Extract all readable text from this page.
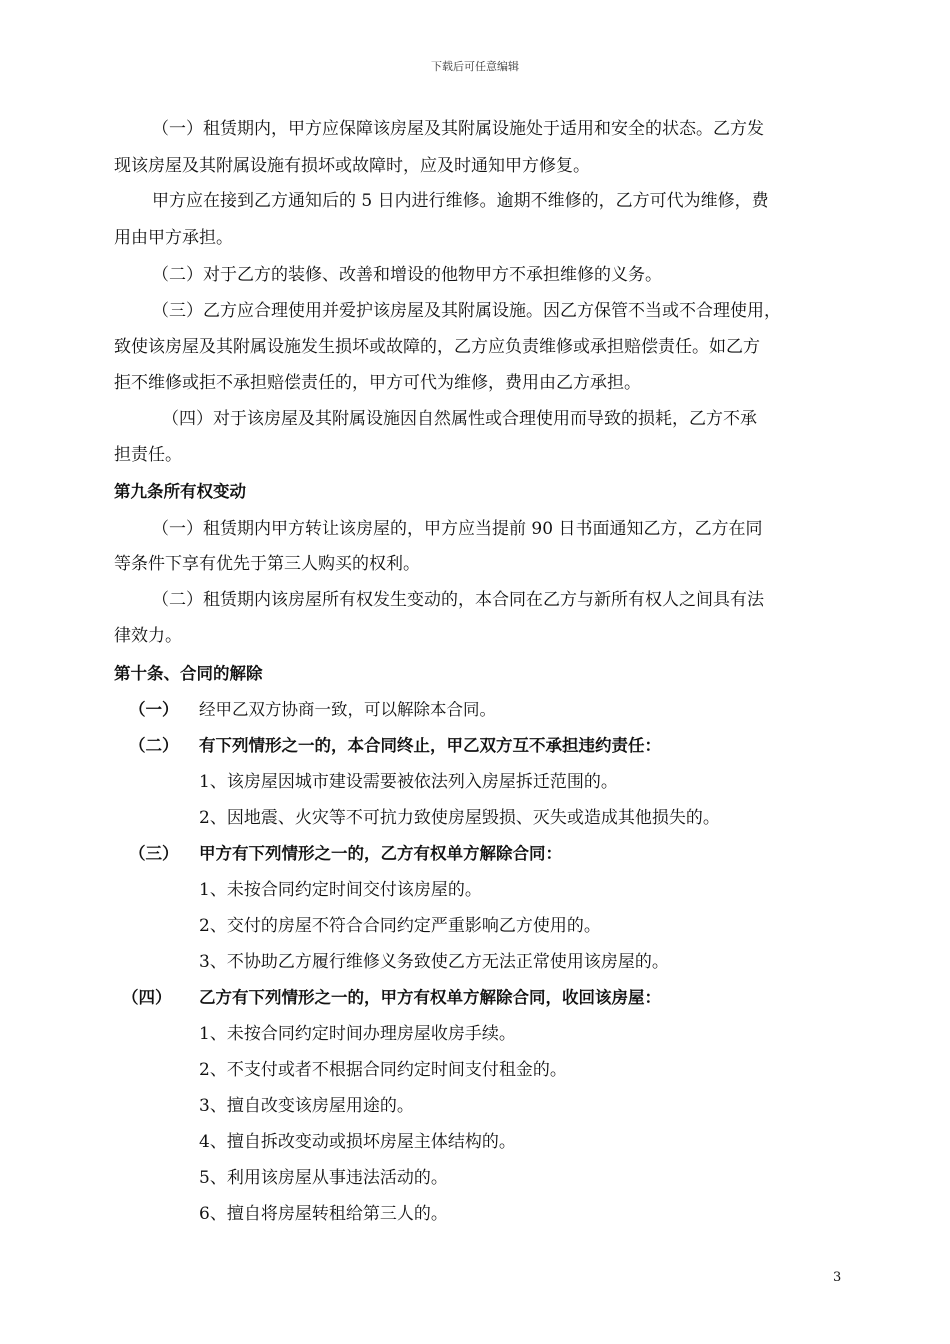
下载后可任意编辑
（一）租赁期内，甲方应保障该房屋及其附属设施处于适用和安全的状态。乙方发
现该房屋及其附属设施有损坏或故障时，应及时通知甲方修复。
甲方应在接到乙方通知后的 5 日内进行维修。逾期不维修的，乙方可代为维修，费
用由甲方承担。
（二）对于乙方的装修、改善和增设的他物甲方不承担维修的义务。
（三）乙方应合理使用并爱护该房屋及其附属设施。因乙方保管不当或不合理使用，
致使该房屋及其附属设施发生损坏或故障的，乙方应负责维修或承担赔偿责任。如乙方
拒不维修或拒不承担赔偿责任的，甲方可代为维修，费用由乙方承担。
（四）对于该房屋及其附属设施因自然属性或合理使用而导致的损耗，乙方不承
担责任。
第九条所有权变动
（一）租赁期内甲方转让该房屋的，甲方应当提前 90 日书面通知乙方，乙方在同
等条件下享有优先于第三人购买的权利。
（二）租赁期内该房屋所有权发生变动的，本合同在乙方与新所有权人之间具有法
律效力。
第十条、合同的解除
（一） 经甲乙双方协商一致，可以解除本合同。
（二） 有下列情形之一的，本合同终止，甲乙双方互不承担违约责任：
1、该房屋因城市建设需要被依法列入房屋拆迁范围的。
2、因地震、火灾等不可抗力致使房屋毁损、灭失或造成其他损失的。
（三） 甲方有下列情形之一的，乙方有权单方解除合同：
1、未按合同约定时间交付该房屋的。
2、交付的房屋不符合合同约定严重影响乙方使用的。
3、不协助乙方履行维修义务致使乙方无法正常使用该房屋的。
（四） 乙方有下列情形之一的，甲方有权单方解除合同，收回该房屋：
1、未按合同约定时间办理房屋收房手续。
2、不支付或者不根据合同约定时间支付租金的。
3、擅自改变该房屋用途的。
4、擅自拆改变动或损坏房屋主体结构的。
5、利用该房屋从事违法活动的。
6、擅自将房屋转租给第三人的。
3
